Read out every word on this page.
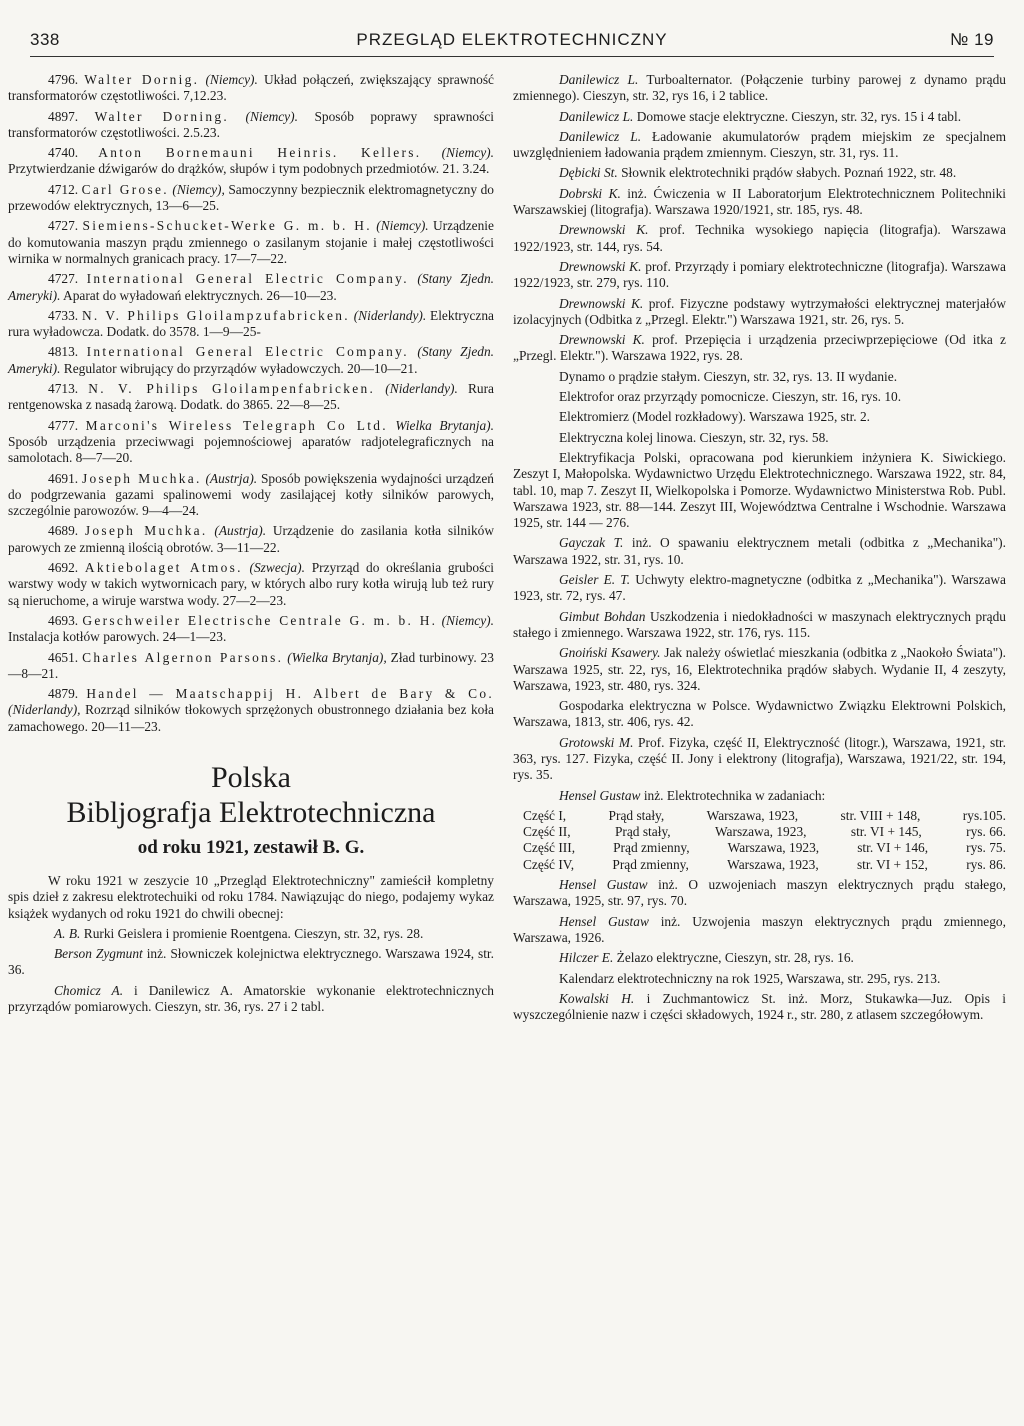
338	PRZEGLĄD ELEKTROTECHNICZNY	№ 19

4796. Walter Dornig. (Niemcy). Układ połączeń, zwiększający sprawność transformatorów częstotliwości. 7,12.23.

4897. Walter Dorning. (Niemcy). Sposób poprawy sprawności transformatorów częstotliwości. 2.5.23.

4740. Anton Bornemauni Heinris. Kellers. (Niemcy). Przytwierdzanie dźwigarów do drążków, słupów i tym podobnych przedmiotów. 21. 3.24.

4712. Carl Grose. (Niemcy), Samoczynny bezpiecznik elektromagnetyczny do przewodów elektrycznych, 13—6—25.

4727. Siemiens-Schucket-Werke G. m. b. H. (Niemcy). Urządzenie do komutowania maszyn prądu zmiennego o zasilanym stojanie i małej częstotliwości wirnika w normalnych granicach pracy. 17—7—22.

4727. International General Electric Company. (Stany Zjedn. Ameryki). Aparat do wyładowań elektrycznych. 26—10—23.

4733. N. V. Philips Gloilampzufabricken. (Niderlandy). Elektryczna rura wyładowcza. Dodatk. do 3578. 1—9—25-

4813. International General Electric Company. (Stany Zjedn. Ameryki). Regulator wibrujący do przyrządów wyładowczych. 20—10—21.

4713. N. V. Philips Gloilampenfabricken. (Niderlandy). Rura rentgenowska z nasadą żarową. Dodatk. do 3865. 22—8—25.

4777. Marconi's Wireless Telegraph Co Ltd. Wielka Brytanja). Sposób urządzenia przeciwwagi pojemnościowej aparatów radjotelegraficznych na samolotach. 8—7—20.

4691. Joseph Muchka. (Austrja). Sposób powiększenia wydajności urządzeń do podgrzewania gazami spalinowemi wody zasilającej kotły silników parowych, szczególnie parowozów. 9—4—24.

4689. Joseph Muchka. (Austrja). Urządzenie do zasilania kotła silników parowych ze zmienną ilością obrotów. 3—11—22.

4692. Aktiebolaget Atmos. (Szwecja). Przyrząd do określania grubości warstwy wody w takich wytwornicach pary, w których albo rury kotła wirują lub też rury są nieruchome, a wiruje warstwa wody. 27—2—23.

4693. Gerschweiler Electrische Centrale G. m. b. H. (Niemcy). Instalacja kotłów parowych. 24—1—23.

4651. Charles Algernon Parsons. (Wielka Brytanja), Zład turbinowy. 23—8—21.

4879. Handel — Maatschappij H. Albert de Bary & Co. (Niderlandy), Rozrząd silników tłokowych sprzężonych obustronnego działania bez koła zamachowego. 20—11—23.

Polska
Bibljografja Elektrotechniczna
od roku 1921, zestawił B. G.

W roku 1921 w zeszycie 10 „Przegląd Elektrotechniczny" zamieścił kompletny spis dzieł z zakresu elektrotechuiki od roku 1784. Nawiązując do niego, podajemy wykaz książek wydanych od roku 1921 do chwili obecnej:

A. B. Rurki Geislera i promienie Roentgena. Cieszyn, str. 32, rys. 28.

Berson Zygmunt inż. Słowniczek kolejnictwa elektrycznego. Warszawa 1924, str. 36.

Chomicz A. i Danilewicz A. Amatorskie wykonanie elektrotechnicznych przyrządów pomiarowych. Cieszyn, str. 36, rys. 27 i 2 tabl.

Danilewicz L. Turboalternator. (Połączenie turbiny parowej z dynamo prądu zmiennego). Cieszyn, str. 32, rys 16, i 2 tablice.

Danilewicz L. Domowe stacje elektryczne. Cieszyn, str. 32, rys. 15 i 4 tabl.

Danilewicz L. Ładowanie akumulatorów prądem miejskim ze specjalnem uwzględnieniem ładowania prądem zmiennym. Cieszyn, str. 31, rys. 11.

Dębicki St. Słownik elektrotechniki prądów słabych. Poznań 1922, str. 48.

Dobrski K. inż. Ćwiczenia w II Laboratorjum Elektrotechnicznem Politechniki Warszawskiej (litografja). Warszawa 1920/1921, str. 185, rys. 48.

Drewnowski K. prof. Technika wysokiego napięcia (litografja). Warszawa 1922/1923, str. 144, rys. 54.

Drewnowski K. prof. Przyrządy i pomiary elektrotechniczne (litografja). Warszawa 1922/1923, str. 279, rys. 110.

Drewnowski K. prof. Fizyczne podstawy wytrzymałości elektrycznej materjałów izolacyjnych (Odbitka z „Przegl. Elektr.") Warszawa 1921, str. 26, rys. 5.

Drewnowski K. prof. Przepięcia i urządzenia przeciwprzepięciowe (Od itka z „Przegl. Elektr."). Warszawa 1922, rys. 28.

Dynamo o prądzie stałym. Cieszyn, str. 32, rys. 13. II wydanie.

Elektrofor oraz przyrządy pomocnicze. Cieszyn, str. 16, rys. 10.

Elektromierz (Model rozkładowy). Warszawa 1925, str. 2.

Elektryczna kolej linowa. Cieszyn, str. 32, rys. 58.

Elektryfikacja Polski, opracowana pod kierunkiem inżyniera K. Siwickiego. Zeszyt I, Małopolska. Wydawnictwo Urzędu Elektrotechnicznego. Warszawa 1922, str. 84, tabl. 10, map 7. Zeszyt II, Wielkopolska i Pomorze. Wydawnictwo Ministerstwa Rob. Publ. Warszawa 1923, str. 88—144. Zeszyt III, Województwa Centralne i Wschodnie. Warszawa 1925, str. 144 — 276.

Gayczak T. inż. O spawaniu elektrycznem metali (odbitka z „Mechanika"). Warszawa 1922, str. 31, rys. 10.

Geisler E. T. Uchwyty elektro-magnetyczne (odbitka z „Mechanika"). Warszawa 1923, str. 72, rys. 47.

Gimbut Bohdan Uszkodzenia i niedokładności w maszynach elektrycznych prądu stałego i zmiennego. Warszawa 1922, str. 176, rys. 115.

Gnoiński Ksawery. Jak należy oświetlać mieszkania (odbitka z „Naokoło Świata"). Warszawa 1925, str. 22, rys, 16, Elektrotechnika prądów słabych. Wydanie II, 4 zeszyty, Warszawa, 1923, str. 480, rys. 324.

Gospodarka elektryczna w Polsce. Wydawnictwo Związku Elektrowni Polskich, Warszawa, 1813, str. 406, rys. 42.

Grotowski M. Prof. Fizyka, część II, Elektryczność (litogr.), Warszawa, 1921, str. 363, rys. 127. Fizyka, część II. Jony i elektrony (litografja), Warszawa, 1921/22, str. 194, rys. 35.

Hensel Gustaw inż. Elektrotechnika w zadaniach:

Część I,	Prąd stały,	Warszawa, 1923,	str. VIII + 148,	rys.105.
Część II,	Prąd stały,	Warszawa, 1923,	str. VI + 145,	rys. 66.
Część III,	Prąd zmienny,	Warszawa, 1923,	str. VI + 146,	rys. 75.
Część IV,	Prąd zmienny,	Warszawa, 1923,	str. VI + 152,	rys. 86.

Hensel Gustaw inż. O uzwojeniach maszyn elektrycznych prądu stałego, Warszawa, 1925, str. 97, rys. 70.

Hensel Gustaw inż. Uzwojenia maszyn elektrycznych prądu zmiennego, Warszawa, 1926.

Hilczer E. Żelazo elektryczne, Cieszyn, str. 28, rys. 16.

Kalendarz elektrotechniczny na rok 1925, Warszawa, str. 295, rys. 213.

Kowalski H. i Zuchmantowicz St. inż. Morz, Stukawka—Juz. Opis i wyszczególnienie nazw i części składowych, 1924 r., str. 280, z atlasem szczegółowym.
